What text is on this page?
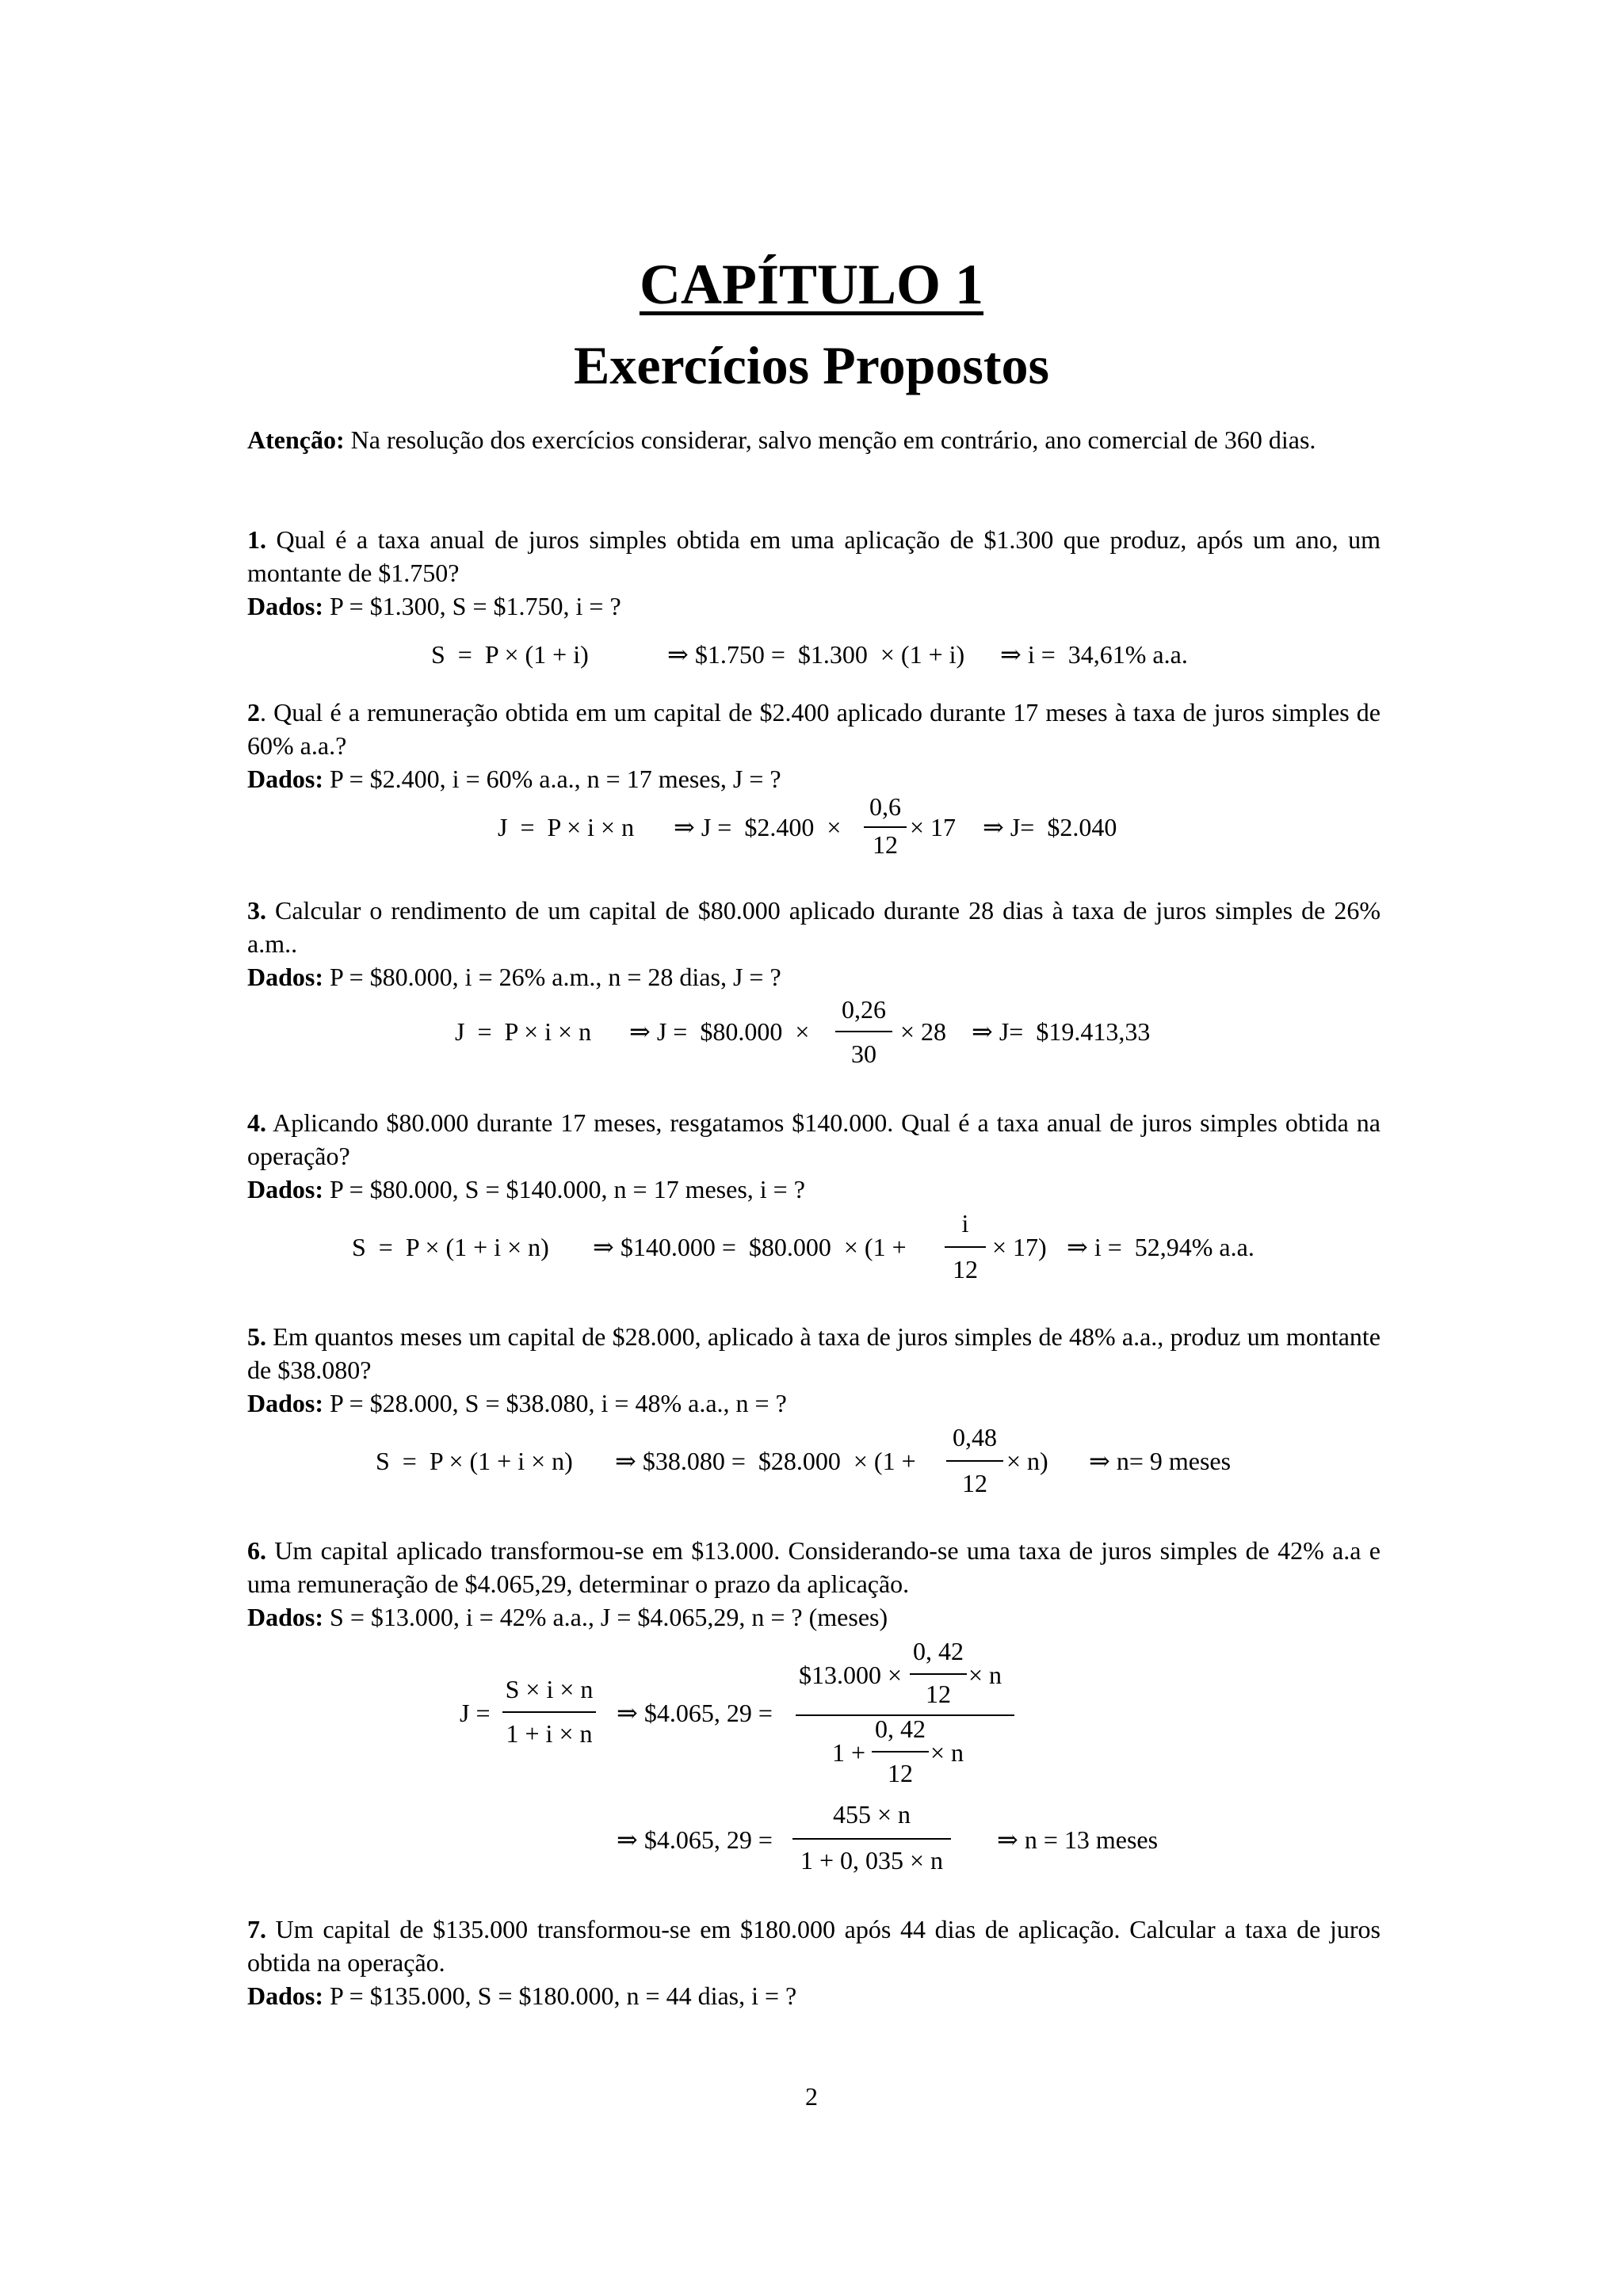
CAPÍTULO 1
Exercícios Propostos

Atenção: Na resolução dos exercícios considerar, salvo menção em contrário, ano comercial de 360 dias.

1. Qual é a taxa anual de juros simples obtida em uma aplicação de $1.300 que produz, após um ano, um montante de $1.750?

Dados: P = $1.300, S = $1.750, i = ?
S  =  P × (1 + i)	⇒ $1.750 =  $1.300  × (1 + i) ⇒ i =  34,61% a.a.

2. Qual é a remuneração obtida em um capital de $2.400 aplicado durante 17 meses à taxa de juros simples de 60% a.a.?

Dados: P = $2.400, i = 60% a.a., n = 17 meses, J = ?
J  =  P × i × n ⇒ J =  $2.400  ×
0,6
12
× 17 ⇒ J=  $2.040

3. Calcular o rendimento de um capital de $80.000 aplicado durante 28 dias à taxa de juros simples de 26% a.m..

Dados: P = $80.000, i = 26% a.m., n = 28 dias, J = ?
J  =  P × i × n ⇒ J =  $80.000  ×
0,26
30
× 28 ⇒ J=  $19.413,33

4. Aplicando $80.000 durante 17 meses, resgatamos $140.000. Qual é a taxa anual de juros simples obtida na operação?

Dados: P = $80.000, S = $140.000, n = 17 meses, i = ?
S  =  P × (1 + i × n) ⇒ $140.000 =  $80.000  × (1 +
i
12
× 17) ⇒ i =  52,94% a.a.

5. Em quantos meses um capital de $28.000, aplicado à taxa de juros simples de 48% a.a., produz um montante de $38.080?

Dados: P = $28.000, S = $38.080, i = 48% a.a., n = ?
S  =  P × (1 + i × n) ⇒ $38.080 =  $28.000  × (1 +
0,48
12
× n) ⇒ n= 9 meses

6. Um capital aplicado transformou-se em $13.000. Considerando-se uma taxa de juros simples de 42% a.a e uma remuneração de $4.065,29, determinar o prazo da aplicação.

Dados: S = $13.000, i = 42% a.a., J = $4.065,29, n = ? (meses)
J =
S × i × n
1 + i × n
⇒ $4.065, 29 =
$13.000 ×
0, 42
12
× n
1 +
0, 42
12
× n
⇒ $4.065, 29 =
455 × n
1 + 0, 035 × n
⇒ n = 13 meses

7. Um capital de $135.000 transformou-se em $180.000 após 44 dias de aplicação. Calcular a taxa de juros obtida na operação.

Dados: P = $135.000, S = $180.000, n = 44 dias, i = ?
2
